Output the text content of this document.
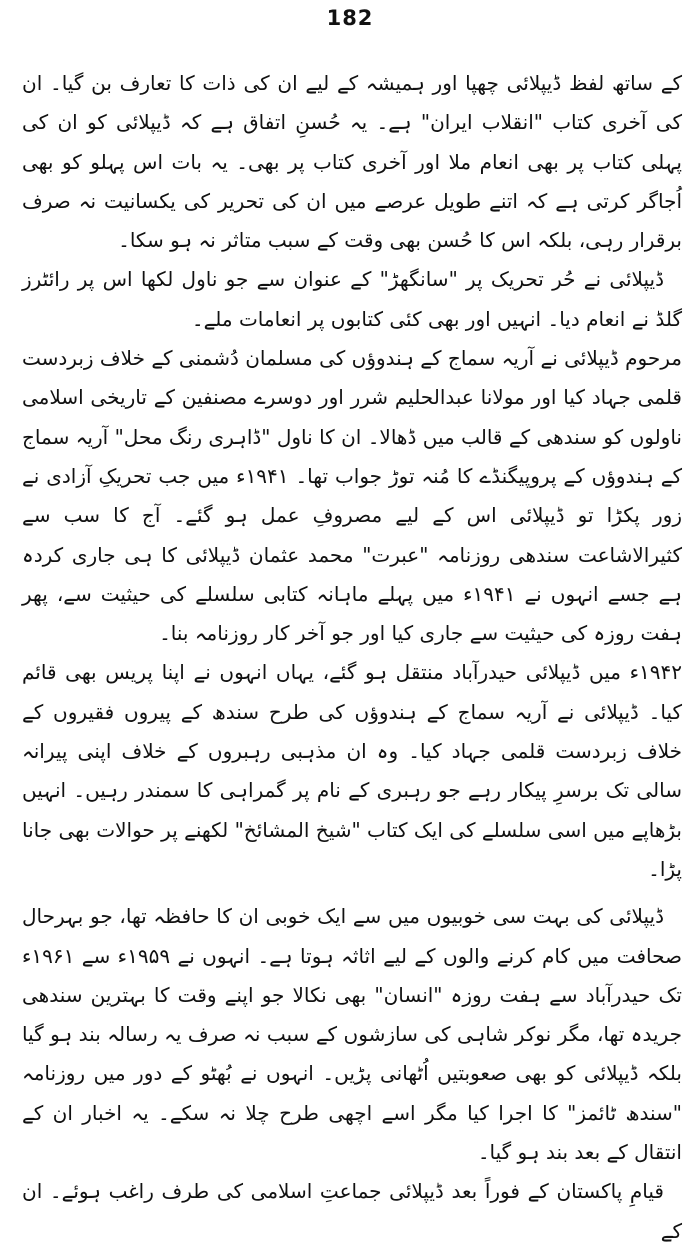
182

کے ساتھ لفظ ڈیپلائی چھپا اور ہمیشہ کے لیے ان کی ذات کا تعارف بن گیا۔ ان کی آخری کتاب "انقلاب ایران" ہے۔ یہ حُسنِ اتفاق ہے کہ ڈیپلائی کو ان کی پہلی کتاب پر بھی انعام ملا اور آخری کتاب پر بھی۔ یہ بات اس پہلو کو بھی اُجاگر کرتی ہے کہ اتنے طویل عرصے میں ان کی تحریر کی یکسانیت نہ صرف برقرار رہی، بلکہ اس کا حُسن بھی وقت کے سبب متاثر نہ ہو سکا۔

ڈیپلائی نے حُر تحریک پر "سانگھڑ" کے عنوان سے جو ناول لکھا اس پر رائٹرز گلڈ نے انعام دیا۔ انہیں اور بھی کئی کتابوں پر انعامات ملے۔

مرحوم ڈیپلائی نے آریہ سماج کے ہندوؤں کی مسلمان دُشمنی کے خلاف زبردست قلمی جہاد کیا اور مولانا عبدالحلیم شرر اور دوسرے مصنفین کے تاریخی اسلامی ناولوں کو سندھی کے قالب میں ڈھالا۔ ان کا ناول "ڈاہری رنگ محل" آریہ سماج کے ہندوؤں کے پروپیگنڈے کا مُنہ توڑ جواب تھا۔ ۱۹۴۱ء میں جب تحریکِ آزادی نے زور پکڑا تو ڈیپلائی اس کے لیے مصروفِ عمل ہو گئے۔ آج کا سب سے کثیرالاشاعت سندھی روزنامہ "عبرت" محمد عثمان ڈیپلائی کا ہی جاری کردہ ہے جسے انہوں نے ۱۹۴۱ء میں پہلے ماہانہ کتابی سلسلے کی حیثیت سے، پھر ہفت روزہ کی حیثیت سے جاری کیا اور جو آخر کار روزنامہ بنا۔

۱۹۴۲ء میں ڈیپلائی حیدرآباد منتقل ہو گئے، یہاں انہوں نے اپنا پریس بھی قائم کیا۔ ڈیپلائی نے آریہ سماج کے ہندوؤں کی طرح سندھ کے پیروں فقیروں کے خلاف زبردست قلمی جہاد کیا۔ وہ ان مذہبی رہبروں کے خلاف اپنی پیرانہ سالی تک برسرِ پیکار رہے جو رہبری کے نام پر گمراہی کا سمندر رہیں۔ انہیں بڑھاپے میں اسی سلسلے کی ایک کتاب "شیخ المشائخ" لکھنے پر حوالات بھی جانا پڑا۔

ڈیپلائی کی بہت سی خوبیوں میں سے ایک خوبی ان کا حافظہ تھا، جو بہرحال صحافت میں کام کرنے والوں کے لیے اثاثہ ہوتا ہے۔ انہوں نے ۱۹۵۹ء سے ۱۹۶۱ء تک حیدرآباد سے ہفت روزہ "انسان" بھی نکالا جو اپنے وقت کا بہترین سندھی جریدہ تھا، مگر نوکر شاہی کی سازشوں کے سبب نہ صرف یہ رسالہ بند ہو گیا بلکہ ڈیپلائی کو بھی صعوبتیں اُٹھانی پڑیں۔ انہوں نے بُھٹو کے دور میں روزنامہ "سندھ ٹائمز" کا اجرا کیا مگر اسے اچھی طرح چلا نہ سکے۔ یہ اخبار ان کے انتقال کے بعد بند ہو گیا۔

قیامِ پاکستان کے فوراً بعد ڈیپلائی جماعتِ اسلامی کی طرف راغب ہوئے۔ ان کے
